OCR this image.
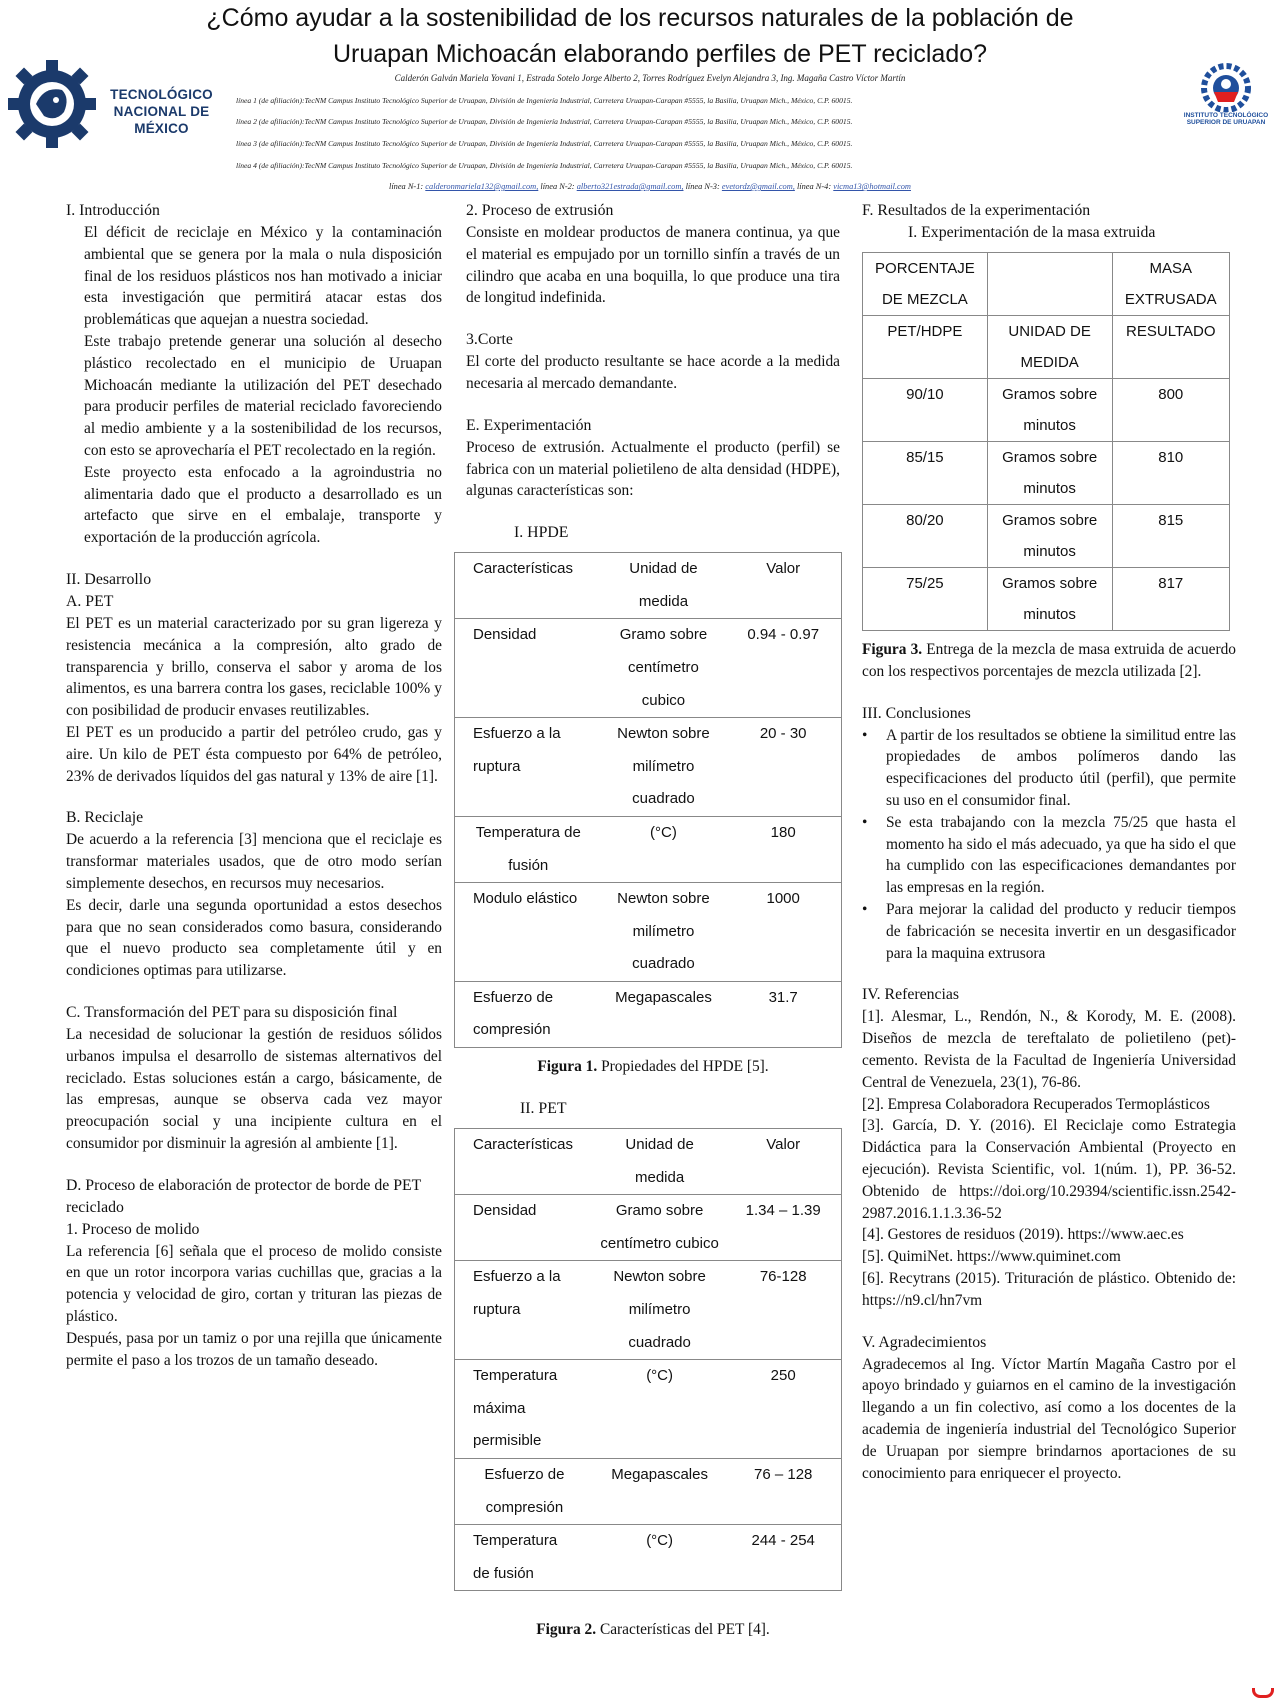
¿Cómo ayudar a la sostenibilidad de los recursos naturales de la población de
Uruapan Michoacán elaborando perfiles de PET reciclado?
Calderón Galván Mariela Yovani 1, Estrada Sotelo Jorge Alberto 2, Torres Rodríguez Evelyn Alejandra 3, Ing. Magaña Castro Víctor Martín
línea 1 (de afiliación):TecNM Campus Instituto Tecnológico Superior de Uruapan, División de Ingeniería Industrial, Carretera Uruapan-Carapan #5555, la Basilia, Uruapan Mich., México, C.P. 60015.
línea 2 (de afiliación):TecNM Campus Instituto Tecnológico Superior de Uruapan, División de Ingeniería Industrial, Carretera Uruapan-Carapan #5555, la Basilia, Uruapan Mich., México, C.P. 60015.
línea 3 (de afiliación):TecNM Campus Instituto Tecnológico Superior de Uruapan, División de Ingeniería Industrial, Carretera Uruapan-Carapan #5555, la Basilia, Uruapan Mich., México, C.P. 60015.
línea 4 (de afiliación):TecNM Campus Instituto Tecnológico Superior de Uruapan, División de Ingeniería Industrial, Carretera Uruapan-Carapan #5555, la Basilia, Uruapan Mich., México, C.P. 60015.
línea N-1: calderonmariela132@gmail.com, línea N-2: alberto321estrada@gmail.com, línea N-3: evetordz@gmail.com, línea N-4: vicma13@hotmail.com
TECNOLÓGICO
NACIONAL DE MÉXICO
INSTITUTO TECNOLÓGICO
SUPERIOR DE URUAPAN
I. Introducción
El déficit de reciclaje en México y la contaminación ambiental que se genera por la mala o nula disposición final de los residuos plásticos nos han motivado a iniciar esta investigación que permitirá atacar estas dos problemáticas que aquejan a nuestra sociedad.
Este trabajo pretende generar una solución al desecho plástico recolectado en el municipio de Uruapan Michoacán mediante la utilización del PET desechado para producir perfiles de material reciclado favoreciendo al medio ambiente y a la sostenibilidad de los recursos, con esto se aprovecharía el PET recolectado en la región.
Este proyecto esta enfocado a la agroindustria no alimentaria dado que el producto a desarrollado es un artefacto que sirve en el embalaje, transporte y exportación de la producción agrícola.
II. Desarrollo
A. PET
El PET es un material caracterizado por su gran ligereza y resistencia mecánica a la compresión, alto grado de transparencia y brillo, conserva el sabor y aroma de los alimentos, es una barrera contra los gases, reciclable 100% y con posibilidad de producir envases reutilizables.
El PET es un producido a partir del petróleo crudo, gas y aire. Un kilo de PET ésta compuesto por 64% de petróleo, 23% de derivados líquidos del gas natural y 13% de aire [1].
B. Reciclaje
De acuerdo a la referencia [3] menciona que el reciclaje es transformar materiales usados, que de otro modo serían simplemente desechos, en recursos muy necesarios.
Es decir, darle una segunda oportunidad a estos desechos para que no sean considerados como basura, considerando que el nuevo producto sea completamente útil y en condiciones optimas para utilizarse.
C. Transformación del PET para su disposición final
La necesidad de solucionar la gestión de residuos sólidos urbanos impulsa el desarrollo de sistemas alternativos del reciclado. Estas soluciones están a cargo, básicamente, de las empresas, aunque se observa cada vez mayor preocupación social y una incipiente cultura en el consumidor por disminuir la agresión al ambiente [1].
D. Proceso de elaboración de protector de borde de PET reciclado
1. Proceso de molido
La referencia [6] señala que el proceso de molido consiste en que un rotor incorpora varias cuchillas que, gracias a la potencia y velocidad de giro, cortan y trituran las piezas de plástico.
Después, pasa por un tamiz o por una rejilla que únicamente permite el paso a los trozos de un tamaño deseado.
2. Proceso de extrusión
Consiste en moldear productos de manera continua, ya que el material es empujado por un tornillo sinfín a través de un cilindro que acaba en una boquilla, lo que produce una tira de longitud indefinida.
3.Corte
El corte del producto resultante se hace acorde a la medida necesaria al mercado demandante.
E. Experimentación
Proceso de extrusión. Actualmente el producto (perfil) se fabrica con un material polietileno de alta densidad (HDPE), algunas características son:
I. HPDE
Características	Unidad de medida	Valor
Densidad	Gramo sobre centímetro cubico	0.94 - 0.97
Esfuerzo a la ruptura	Newton sobre milímetro cuadrado	20 - 30
Temperatura de fusión	(°C)	180
Modulo elástico	Newton sobre milímetro cuadrado	1000
Esfuerzo de compresión	Megapascales	31.7
Figura 1. Propiedades del HPDE [5].
II. PET
Características	Unidad de medida	Valor
Densidad	Gramo sobre centímetro cubico	1.34 – 1.39
Esfuerzo a la ruptura	Newton sobre milímetro cuadrado	76-128
Temperatura máxima permisible	(°C)	250
Esfuerzo de compresión	Megapascales	76 – 128
Temperatura de fusión	(°C)	244 - 254
Figura 2. Características del PET [4].
F. Resultados de la experimentación
I. Experimentación de la masa extruida
PORCENTAJE DE MEZCLA		MASA EXTRUSADA
PET/HDPE	UNIDAD DE MEDIDA	RESULTADO
90/10	Gramos sobre minutos	800
85/15	Gramos sobre minutos	810
80/20	Gramos sobre minutos	815
75/25	Gramos sobre minutos	817
Figura 3. Entrega de la mezcla de masa extruida de acuerdo con los respectivos porcentajes de mezcla utilizada [2].
III. Conclusiones
• A partir de los resultados se obtiene la similitud entre las propiedades de ambos polímeros dando las especificaciones del producto útil (perfil), que permite su uso en el consumidor final.
• Se esta trabajando con la mezcla 75/25 que hasta el momento ha sido el más adecuado, ya que ha sido el que ha cumplido con las especificaciones demandantes por las empresas en la región.
• Para mejorar la calidad del producto y reducir tiempos de fabricación se necesita invertir en un desgasificador para la maquina extrusora
IV. Referencias
[1]. Alesmar, L., Rendón, N., & Korody, M. E. (2008). Diseños de mezcla de tereftalato de polietileno (pet)-cemento. Revista de la Facultad de Ingeniería Universidad Central de Venezuela, 23(1), 76-86.
[2]. Empresa Colaboradora Recuperados Termoplásticos
[3]. García, D. Y. (2016). El Reciclaje como Estrategia Didáctica para la Conservación Ambiental (Proyecto en ejecución). Revista Scientific, vol. 1(núm. 1), PP. 36-52. Obtenido de https://doi.org/10.29394/scientific.issn.2542-2987.2016.1.1.3.36-52
[4]. Gestores de residuos (2019). https://www.aec.es
[5]. QuimiNet. https://www.quiminet.com
[6]. Recytrans (2015). Trituración de plástico. Obtenido de: https://n9.cl/hn7vm
V. Agradecimientos
Agradecemos al Ing. Víctor Martín Magaña Castro por el apoyo brindado y guiarnos en el camino de la investigación llegando a un fin colectivo, así como a los docentes de la academia de ingeniería industrial del Tecnológico Superior de Uruapan por siempre brindarnos aportaciones de su conocimiento para enriquecer el proyecto.
